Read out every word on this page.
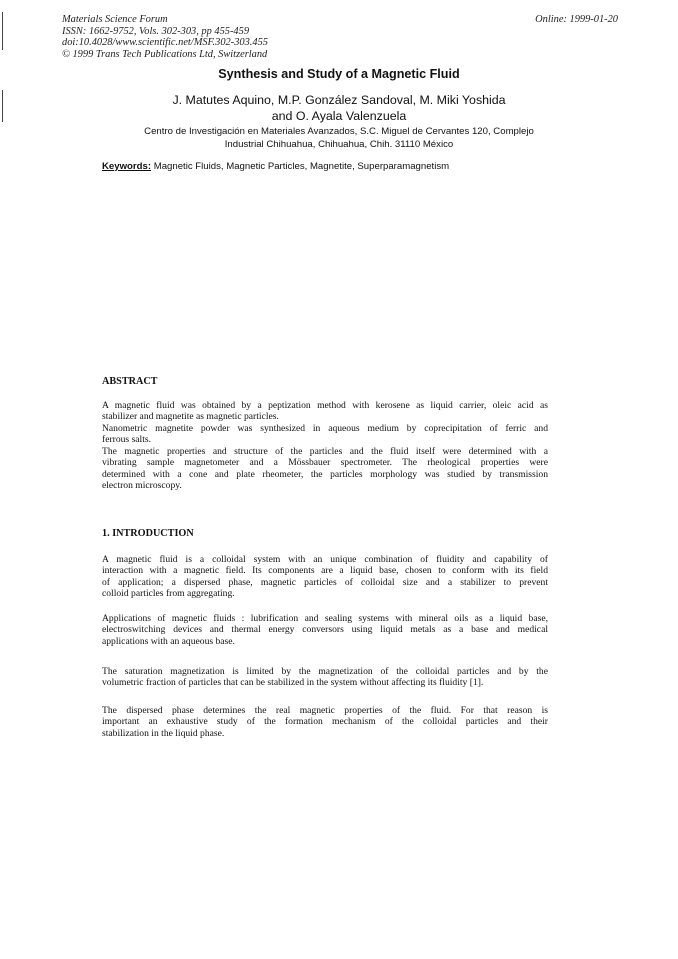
Materials Science Forum
ISSN: 1662-9752, Vols. 302-303, pp 455-459
doi:10.4028/www.scientific.net/MSF.302-303.455
© 1999 Trans Tech Publications Ltd, Switzerland
Online: 1999-01-20
Synthesis and Study of a Magnetic Fluid
J. Matutes Aquino, M.P. González Sandoval, M. Miki Yoshida
and O. Ayala Valenzuela
Centro de Investigación en Materiales Avanzados, S.C. Miguel de Cervantes 120, Complejo
Industrial Chihuahua, Chihuahua, Chih. 31110 México
Keywords: Magnetic Fluids, Magnetic Particles, Magnetite, Superparamagnetism
ABSTRACT
A magnetic fluid was obtained by a peptization method with kerosene as liquid carrier, oleic acid as
stabilizer and magnetite as magnetic particles.
Nanometric magnetite powder was synthesized in aqueous medium by coprecipitation of ferric and
ferrous salts.
The magnetic properties and structure of the particles and the fluid itself were determined with a
vibrating sample magnetometer and a Mössbauer spectrometer. The rheological properties were
determined with a cone and plate rheometer, the particles morphology was studied by transmission
electron microscopy.
1. INTRODUCTION
A magnetic fluid is a colloidal system with an unique combination of fluidity and capability of
interaction with a magnetic field. Its components are a liquid base, chosen to conform with its field
of application; a dispersed phase, magnetic particles of colloidal size and a stabilizer to prevent
colloid particles from aggregating.
Applications of magnetic fluids : lubrification and sealing systems with mineral oils as a liquid base,
electroswitching devices and thermal energy conversors using liquid metals as a base and medical
applications with an aqueous base.
The saturation magnetization is limited by the magnetization of the colloidal particles and by the
volumetric fraction of particles that can be stabilized in the system without affecting its fluidity [1].
The dispersed phase determines the real magnetic properties of the fluid. For that reason is
important an exhaustive study of the formation mechanism of the colloidal particles and their
stabilization in the liquid phase.
